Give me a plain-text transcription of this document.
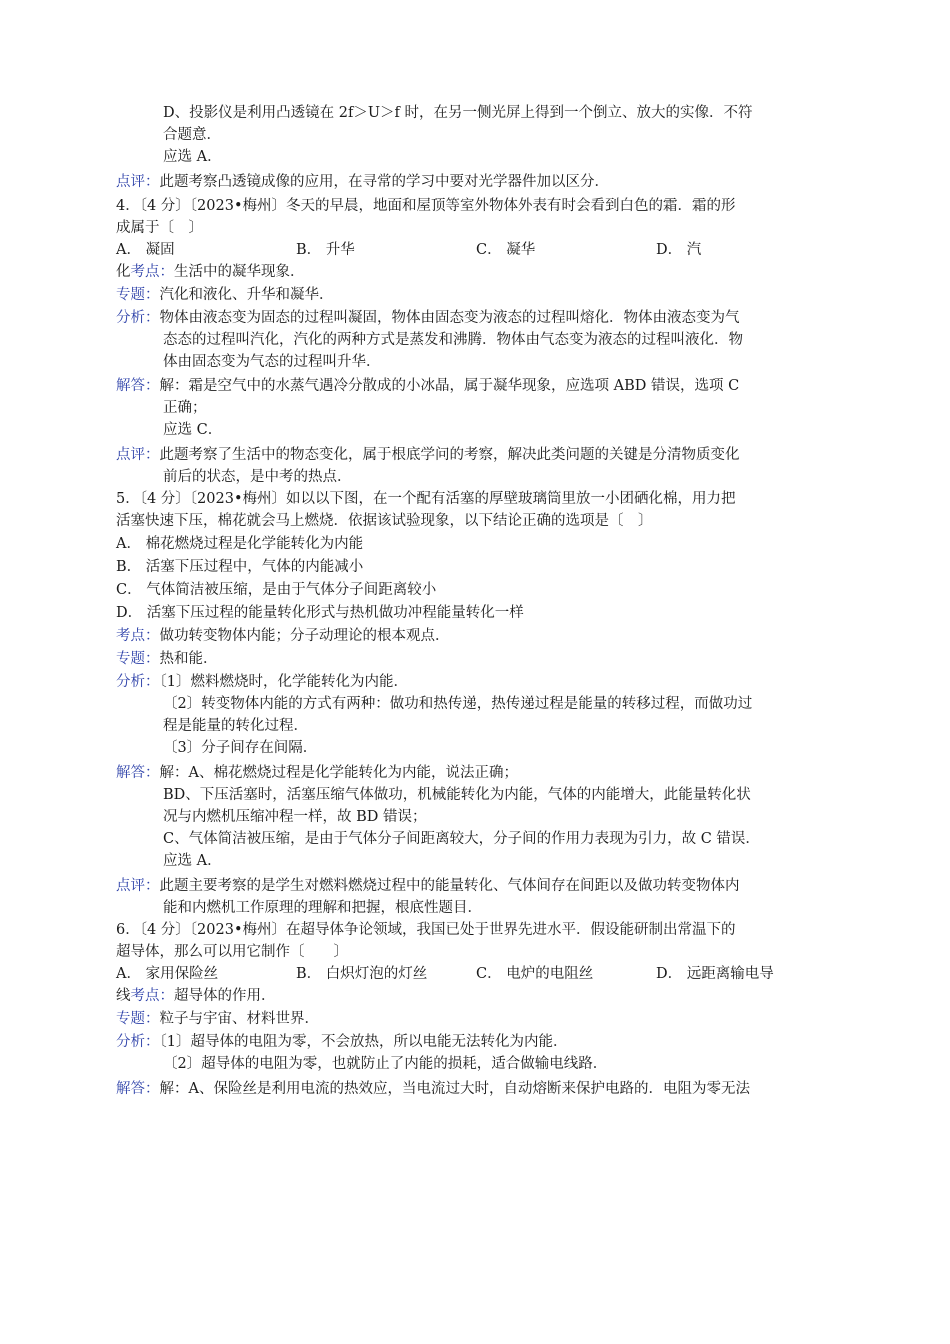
D、投影仪是利用凸透镜在 2f＞U＞f 时，在另一侧光屏上得到一个倒立、放大的实像．不符
合题意．
应选 A．
点评：此题考察凸透镜成像的应用，在寻常的学习中要对光学器件加以区分．
4．〔4 分〕〔2023•梅州〕冬天的早晨，地面和屋顶等室外物体外表有时会看到白色的霜．霜的形
成属于〔　〕
A． 凝固	B． 升华	C． 凝华	D． 汽
化考点：生活中的凝华现象．
专题：汽化和液化、升华和凝华．
分析：物体由液态变为固态的过程叫凝固，物体由固态变为液态的过程叫熔化．物体由液态变为气
态态的过程叫汽化，汽化的两种方式是蒸发和沸腾．物体由气态变为液态的过程叫液化．物
体由固态变为气态的过程叫升华．
解答：解：霜是空气中的水蒸气遇冷分散成的小冰晶，属于凝华现象，应选项 ABD 错误，选项 C
正确；
应选 C．
点评：此题考察了生活中的物态变化，属于根底学问的考察，解决此类问题的关键是分清物质变化
前后的状态，是中考的热点．
5．〔4 分〕〔2023•梅州〕如以以下图，在一个配有活塞的厚壁玻璃筒里放一小团硒化棉，用力把
活塞快速下压，棉花就会马上燃烧．依据该试验现象，以下结论正确的选项是〔　〕
A． 棉花燃烧过程是化学能转化为内能
B． 活塞下压过程中，气体的内能减小
C． 气体简洁被压缩，是由于气体分子间距离较小
D． 活塞下压过程的能量转化形式与热机做功冲程能量转化一样
考点：做功转变物体内能；分子动理论的根本观点．
专题：热和能．
分析：〔1〕燃料燃烧时，化学能转化为内能．
〔2〕转变物体内能的方式有两种：做功和热传递，热传递过程是能量的转移过程，而做功过
程是能量的转化过程．
〔3〕分子间存在间隔．
解答：解：A、棉花燃烧过程是化学能转化为内能，说法正确；
BD、下压活塞时，活塞压缩气体做功，机械能转化为内能，气体的内能增大，此能量转化状
况与内燃机压缩冲程一样，故 BD 错误；
C、气体简洁被压缩，是由于气体分子间距离较大，分子间的作用力表现为引力，故 C 错误．
应选 A．
点评：此题主要考察的是学生对燃料燃烧过程中的能量转化、气体间存在间距以及做功转变物体内
能和内燃机工作原理的理解和把握，根底性题目．
6．〔4 分〕〔2023•梅州〕在超导体争论领域，我国已处于世界先进水平．假设能研制出常温下的
超导体，那么可以用它制作〔　　〕
A． 家用保险丝	B． 白炽灯泡的灯丝	C． 电炉的电阻丝	D． 远距离输电导
线考点：超导体的作用．
专题：粒子与宇宙、材料世界．
分析：〔1〕超导体的电阻为零，不会放热，所以电能无法转化为内能．
〔2〕超导体的电阻为零，也就防止了内能的损耗，适合做输电线路．
解答：解：A、保险丝是利用电流的热效应，当电流过大时，自动熔断来保护电路的．电阻为零无法
